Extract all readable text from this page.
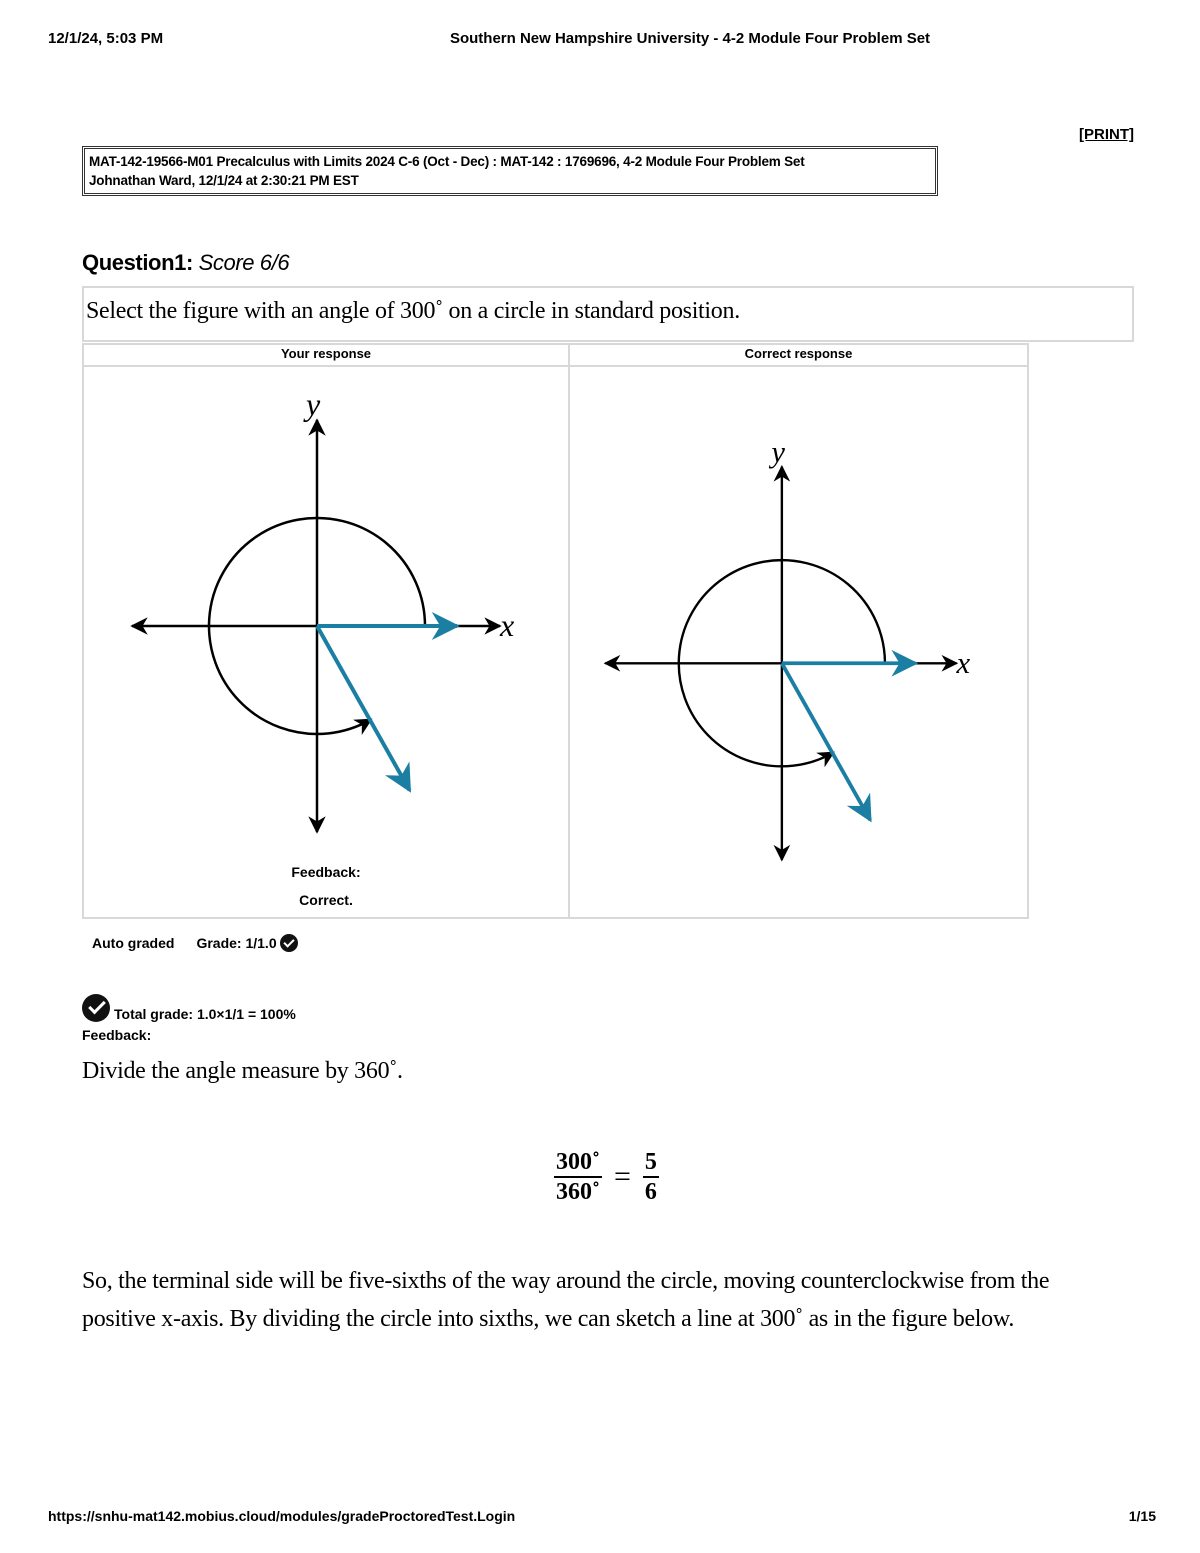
12/1/24, 5:03 PM	Southern New Hampshire University - 4-2 Module Four Problem Set
[PRINT]
MAT-142-19566-M01 Precalculus with Limits 2024 C-6 (Oct - Dec) : MAT-142 : 1769696, 4-2 Module Four Problem Set
Johnathan Ward, 12/1/24 at 2:30:21 PM EST
Question1: Score 6/6
Select the figure with an angle of 300˚ on a circle in standard position.
Your response	Correct response
x
y
x
y
Feedback:
Correct.
Auto graded Grade: 1/1.0
Total grade: 1.0×1/1 = 100%
Feedback:
Divide the angle measure by 360˚.
$\frac{300˚}{360˚} = \frac{5}{6}$
So, the terminal side will be five-sixths of the way around the circle, moving counterclockwise from the positive x-axis. By dividing the circle into sixths, we can sketch a line at 300˚ as in the figure below.
https://snhu-mat142.mobius.cloud/modules/gradeProctoredTest.Login	1/15
